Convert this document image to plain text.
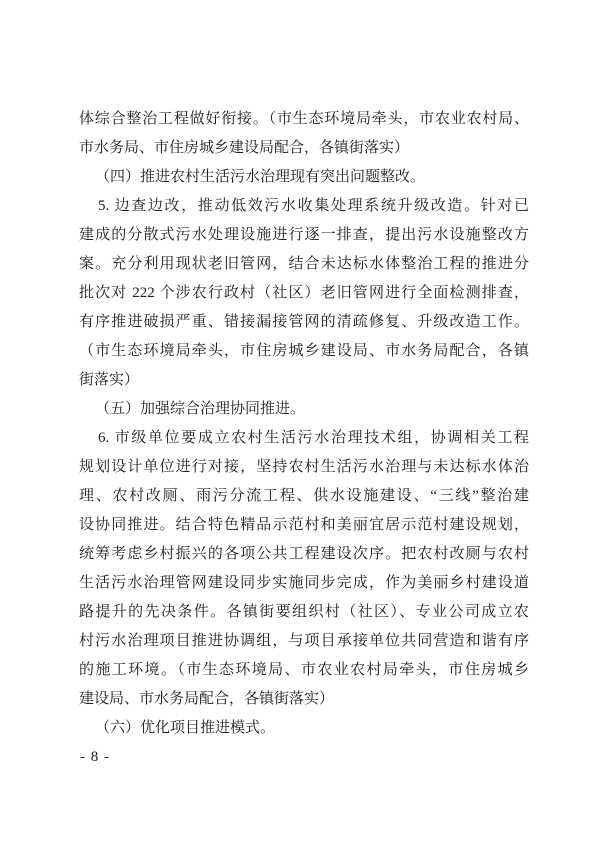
体综合整治工程做好衔接。（市生态环境局牵头，市农业农村局、
市水务局、市住房城乡建设局配合，各镇街落实）
（四）推进农村生活污水治理现有突出问题整改。
5. 边查边改，推动低效污水收集处理系统升级改造。针对已
建成的分散式污水处理设施进行逐一排查，提出污水设施整改方
案。充分利用现状老旧管网，结合未达标水体整治工程的推进分
批次对 222 个涉农行政村（社区）老旧管网进行全面检测排查，
有序推进破损严重、错接漏接管网的清疏修复、升级改造工作。
（市生态环境局牵头，市住房城乡建设局、市水务局配合，各镇
街落实）
（五）加强综合治理协同推进。
6. 市级单位要成立农村生活污水治理技术组，协调相关工程
规划设计单位进行对接，坚持农村生活污水治理与未达标水体治
理、农村改厕、雨污分流工程、供水设施建设、“三线”整治建
设协同推进。结合特色精品示范村和美丽宜居示范村建设规划，
统筹考虑乡村振兴的各项公共工程建设次序。把农村改厕与农村
生活污水治理管网建设同步实施同步完成，作为美丽乡村建设道
路提升的先决条件。各镇街要组织村（社区）、专业公司成立农
村污水治理项目推进协调组，与项目承接单位共同营造和谐有序
的施工环境。（市生态环境局、市农业农村局牵头，市住房城乡
建设局、市水务局配合，各镇街落实）
（六）优化项目推进模式。
- 8 -
